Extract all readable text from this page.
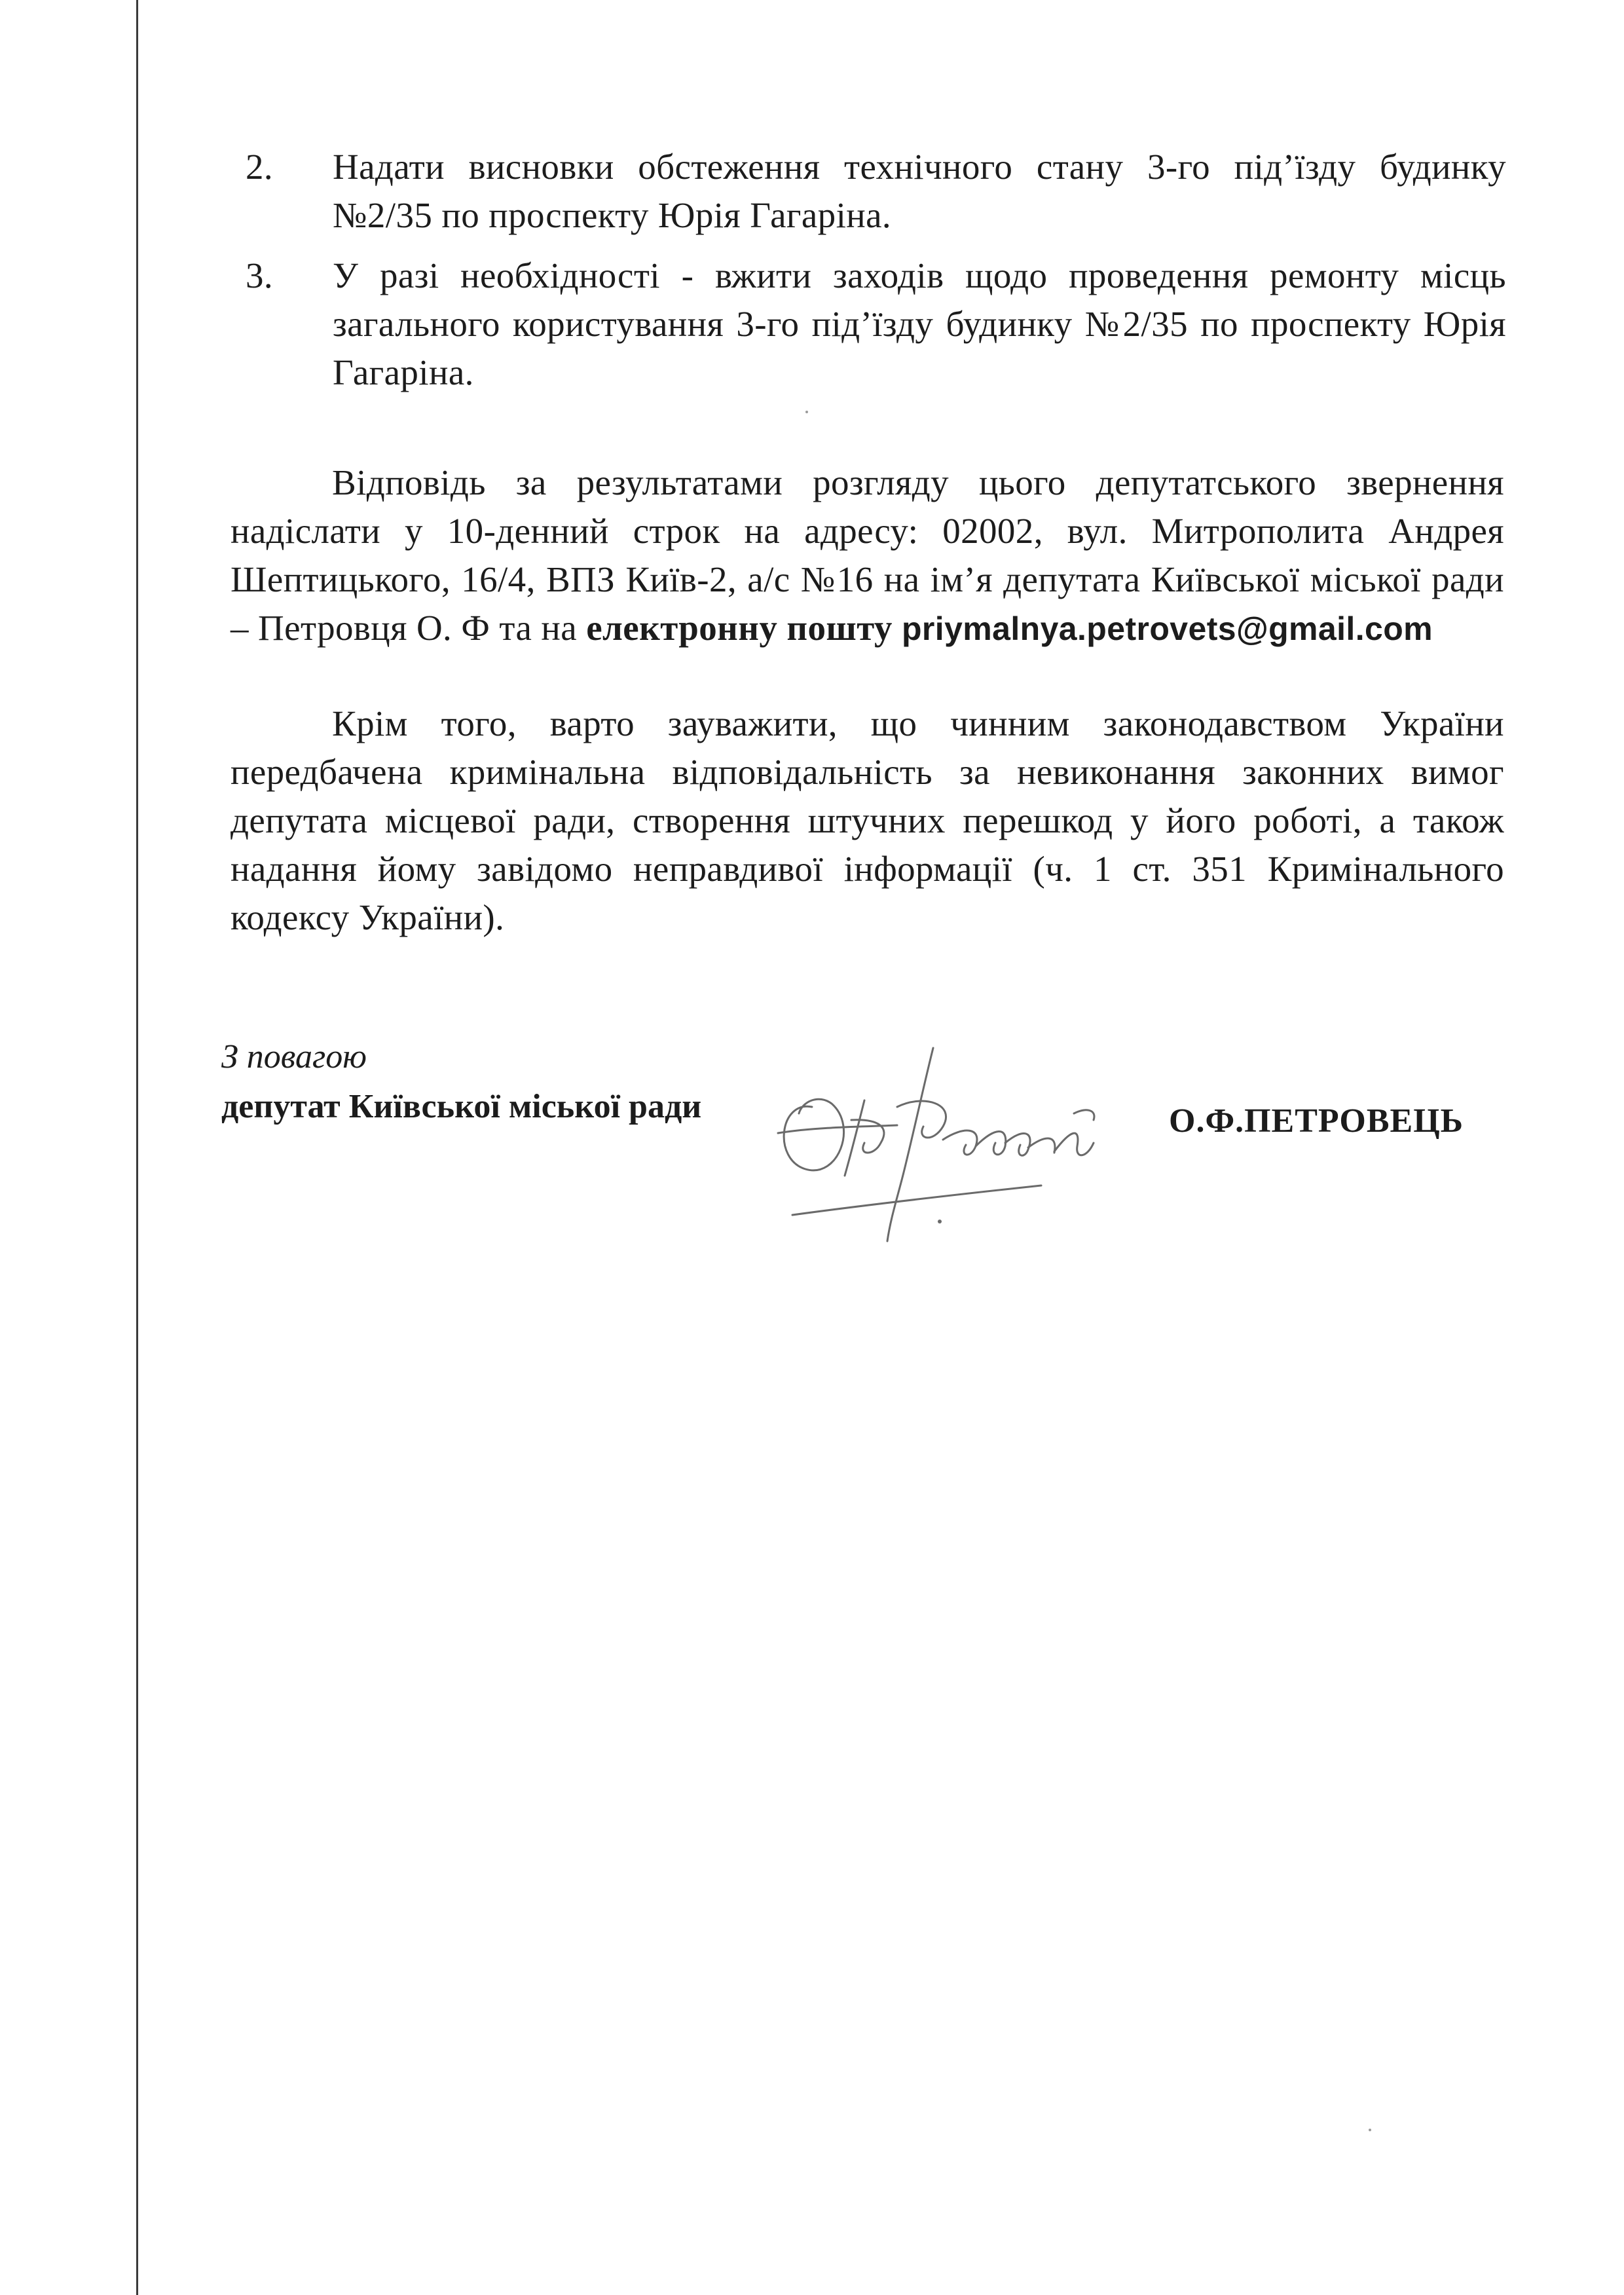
2.	Надати висновки обстеження технічного стану 3-го під’їзду будинку №2/35 по проспекту Юрія Гагаріна.
3.	У разі необхідності - вжити заходів щодо проведення ремонту місць загального користування 3-го під’їзду будинку №2/35 по проспекту Юрія Гагаріна.
Відповідь за результатами розгляду цього депутатського звернення надіслати у 10-денний строк на адресу: 02002, вул. Митрополита Андрея Шептицького, 16/4, ВПЗ Київ-2, а/с №16 на ім’я депутата Київської міської ради – Петровця О. Ф та на електронну пошту priymalnya.petrovets@gmail.com
Крім того, варто зауважити, що чинним законодавством України передбачена кримінальна відповідальність за невиконання законних вимог депутата місцевої ради, створення штучних перешкод у його роботі, а також надання йому завідомо неправдивої інформації (ч. 1 ст. 351 Кримінального кодексу України).
З повагою
депутат Київської міської ради	О.Ф.ПЕТРОВЕЦЬ
